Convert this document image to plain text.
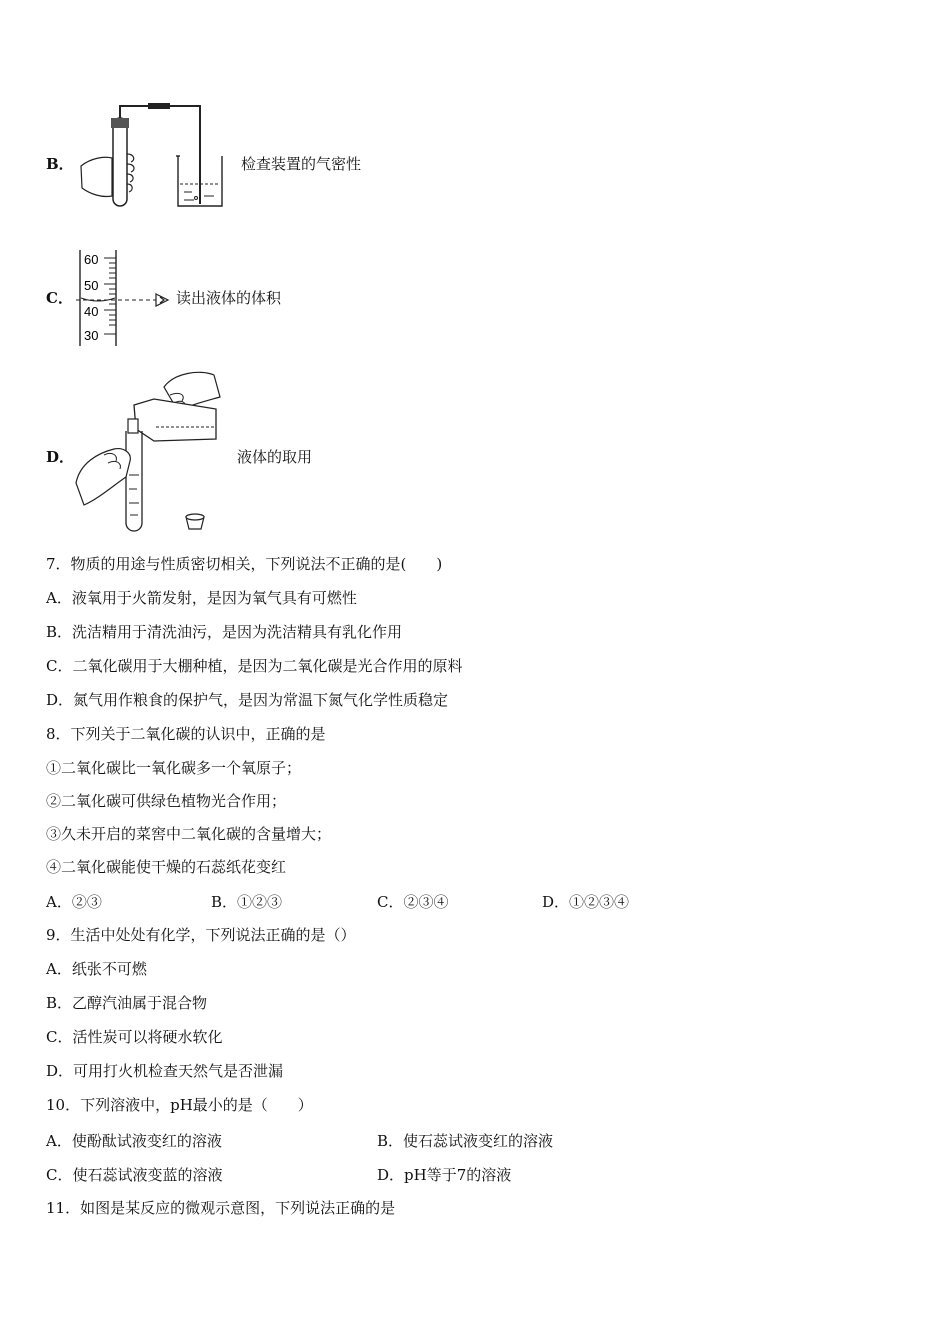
B．	检查装置的气密性
C．
60
50
40
30
读出液体的体积
D．	液体的取用
7．物质的用途与性质密切相关，下列说法不正确的是(　　)
A．液氧用于火箭发射，是因为氧气具有可燃性
B．洗洁精用于清洗油污，是因为洗洁精具有乳化作用
C．二氧化碳用于大棚种植，是因为二氧化碳是光合作用的原料
D．氮气用作粮食的保护气，是因为常温下氮气化学性质稳定
8．下列关于二氧化碳的认识中，正确的是
①二氧化碳比一氧化碳多一个氧原子；
②二氧化碳可供绿色植物光合作用；
③久未开启的菜窖中二氧化碳的含量增大；
④二氧化碳能使干燥的石蕊纸花变红
A．②③	B．①②③	C．②③④	D．①②③④
9．生活中处处有化学，下列说法正确的是（）
A．纸张不可燃
B．乙醇汽油属于混合物
C．活性炭可以将硬水软化
D．可用打火机检查天然气是否泄漏
10．下列溶液中，pH最小的是（　　）
A．使酚酞试液变红的溶液	B．使石蕊试液变红的溶液
C．使石蕊试液变蓝的溶液	D．pH等于7的溶液
11．如图是某反应的微观示意图，下列说法正确的是
